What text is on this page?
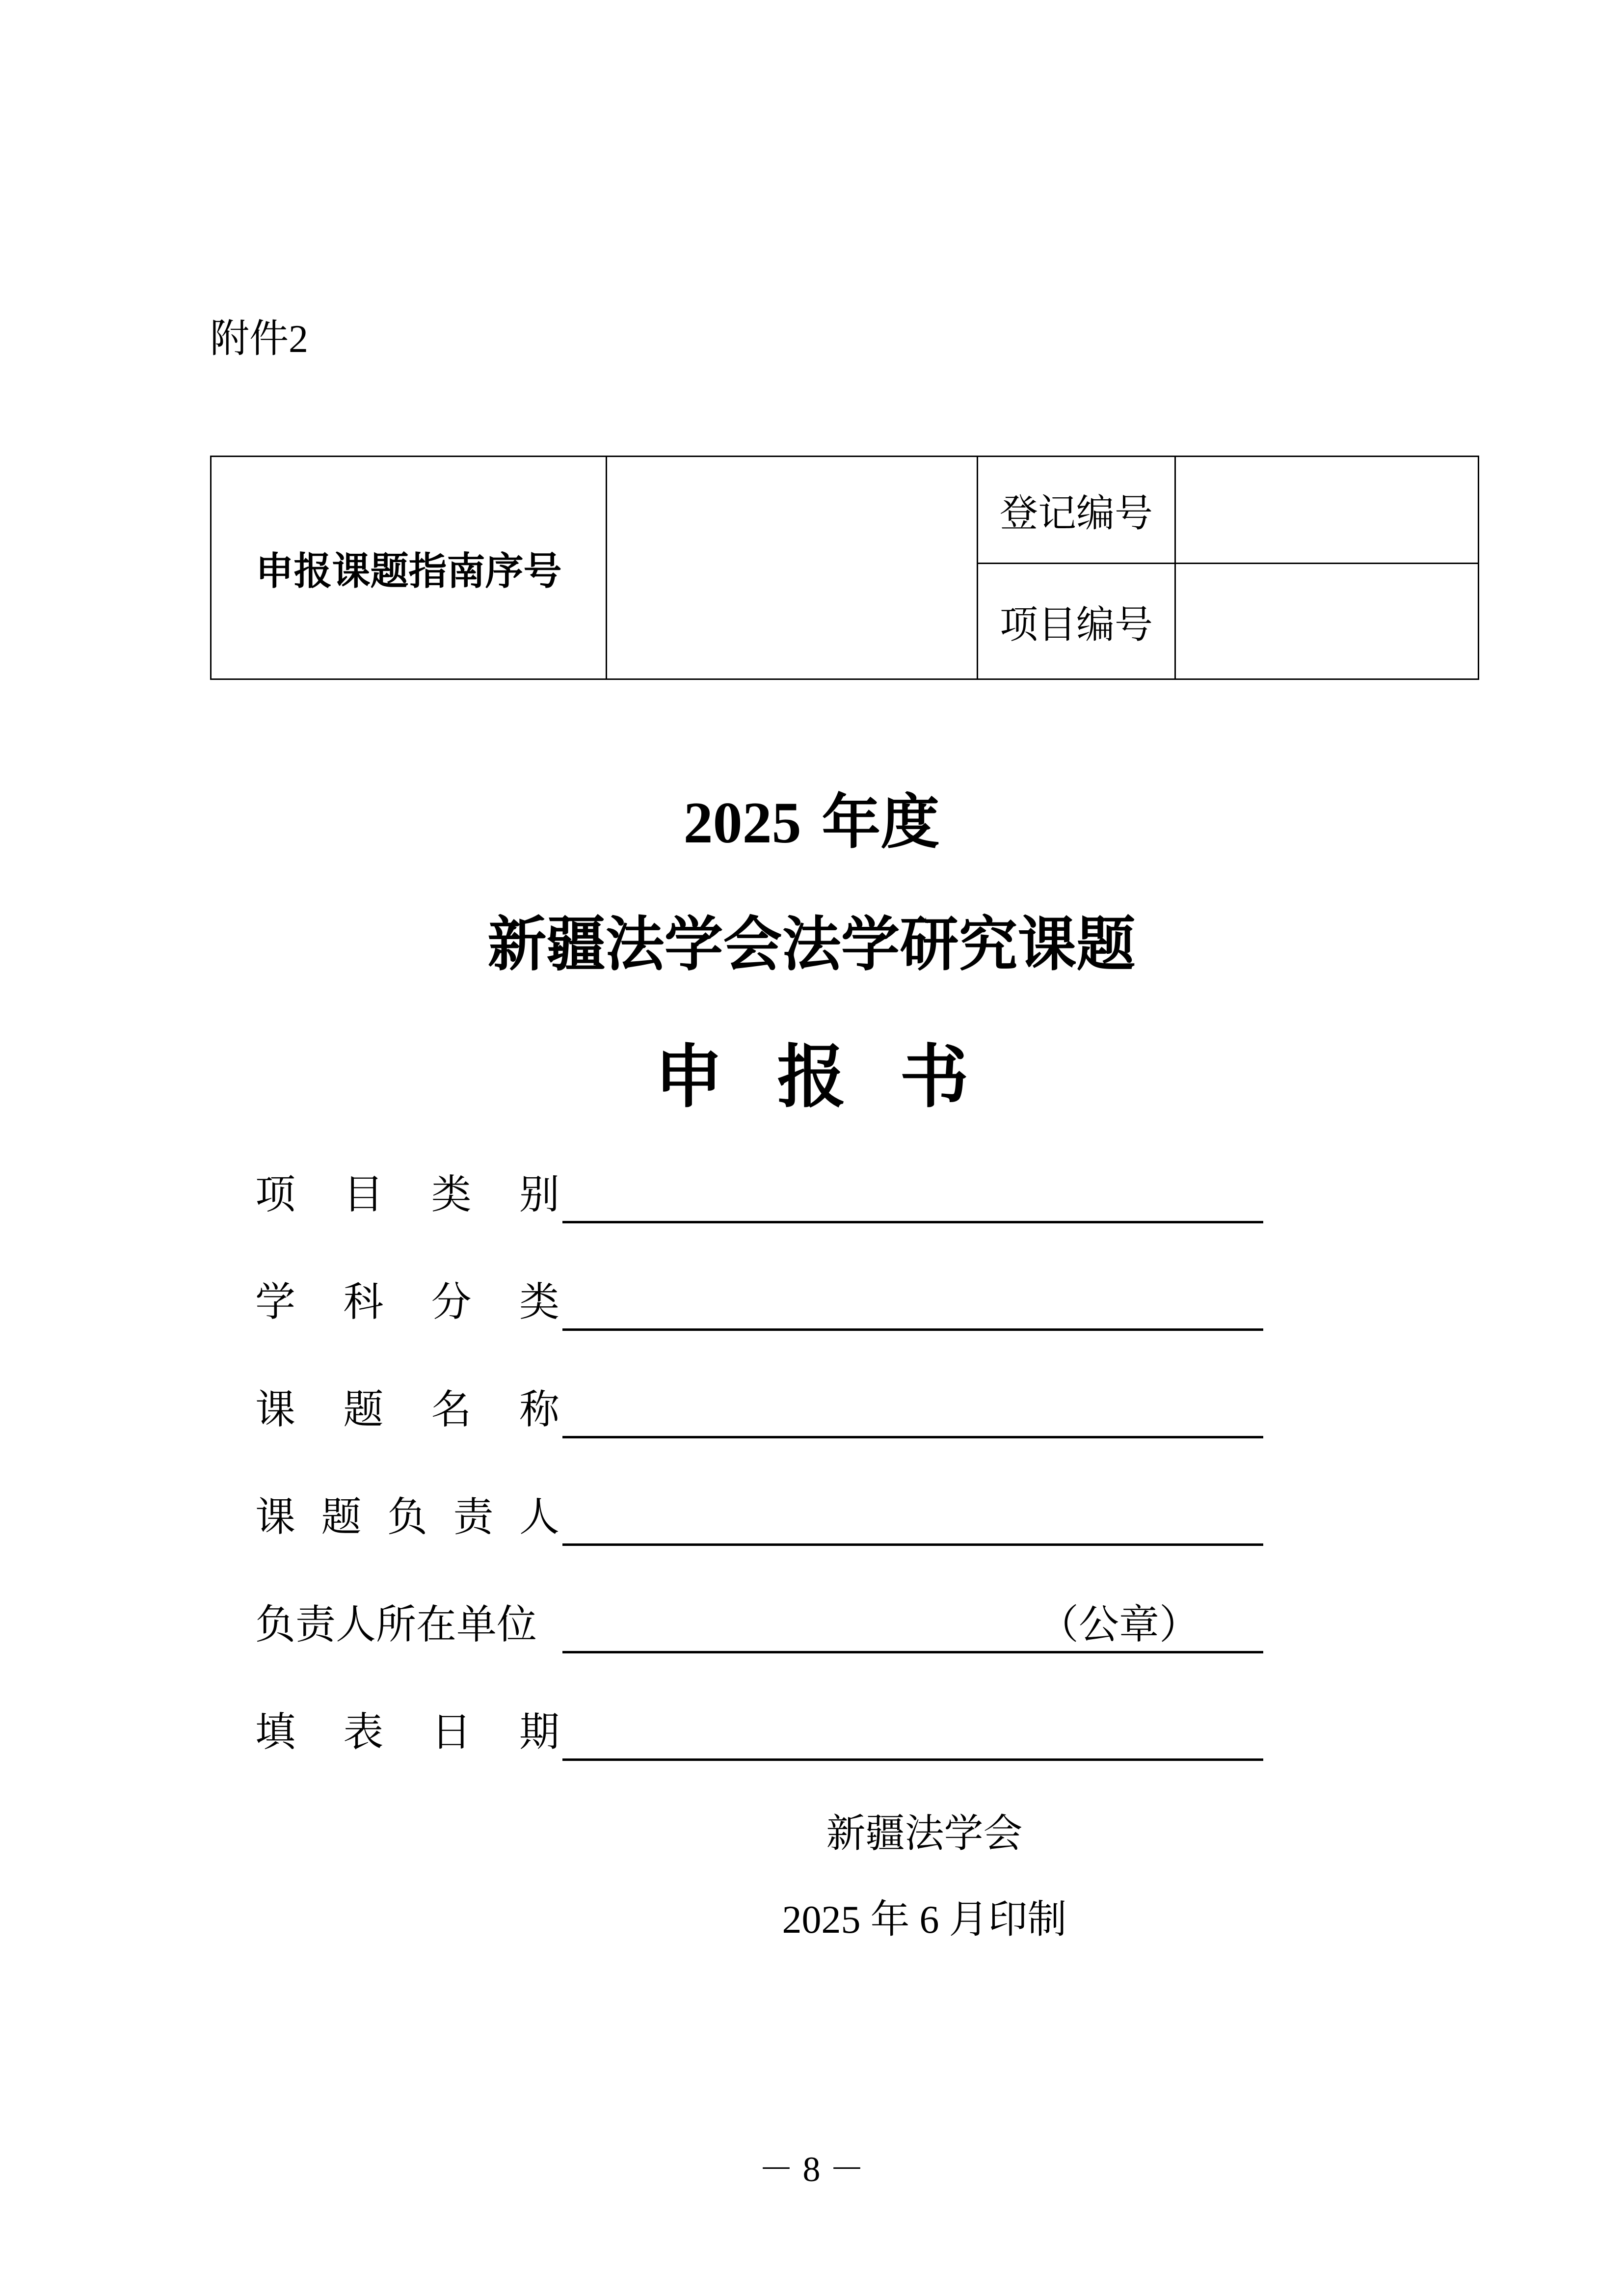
附件2
申报课题指南序号		登记编号	
		项目编号	
2025 年度
新疆法学会法学研究课题
申报书
项 目 类 别
学 科 分 类
课 题 名 称
课 题 负 责 人
负责人所在单位	（公章）
填 表 日 期
新疆法学会
2025 年 6 月印制
－ 8 －
